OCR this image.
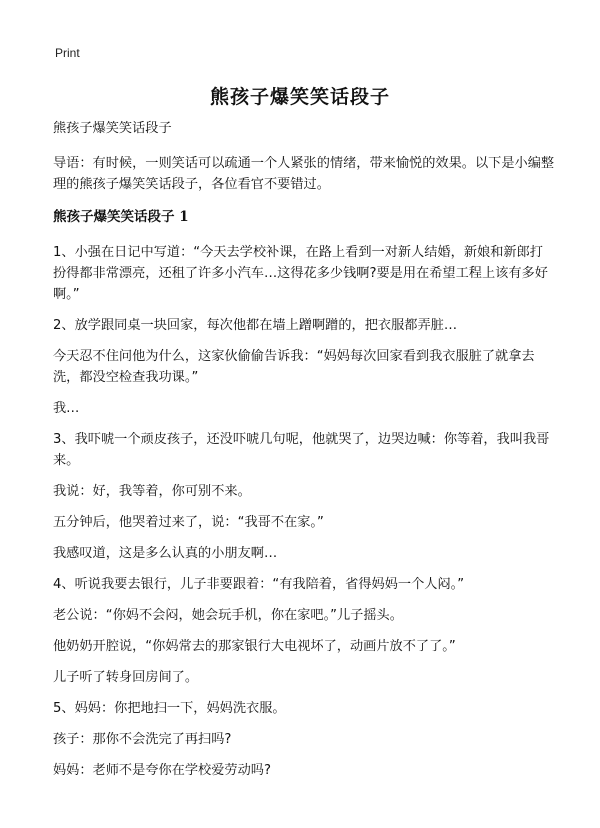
Print
熊孩子爆笑笑话段子

熊孩子爆笑笑话段子

导语：有时候，一则笑话可以疏通一个人紧张的情绪，带来愉悦的效果。以下是小编整理的熊孩子爆笑笑话段子，各位看官不要错过。

熊孩子爆笑笑话段子 1

1、小强在日记中写道：“今天去学校补课，在路上看到一对新人结婚，新娘和新郎打扮得都非常漂亮，还租了许多小汽车…这得花多少钱啊?要是用在希望工程上该有多好啊。”

2、放学跟同桌一块回家，每次他都在墙上蹭啊蹭的，把衣服都弄脏…

今天忍不住问他为什么，这家伙偷偷告诉我：“妈妈每次回家看到我衣服脏了就拿去洗，都没空检查我功课。”

我…

3、我吓唬一个顽皮孩子，还没吓唬几句呢，他就哭了，边哭边喊：你等着，我叫我哥来。

我说：好，我等着，你可别不来。

五分钟后，他哭着过来了，说：“我哥不在家。”

我感叹道，这是多么认真的小朋友啊…

4、听说我要去银行，儿子非要跟着：“有我陪着，省得妈妈一个人闷。”

老公说：“你妈不会闷，她会玩手机，你在家吧。”儿子摇头。

他奶奶开腔说，“你妈常去的那家银行大电视坏了，动画片放不了了。”

儿子听了转身回房间了。

5、妈妈：你把地扫一下，妈妈洗衣服。

孩子：那你不会洗完了再扫吗?

妈妈：老师不是夸你在学校爱劳动吗?
